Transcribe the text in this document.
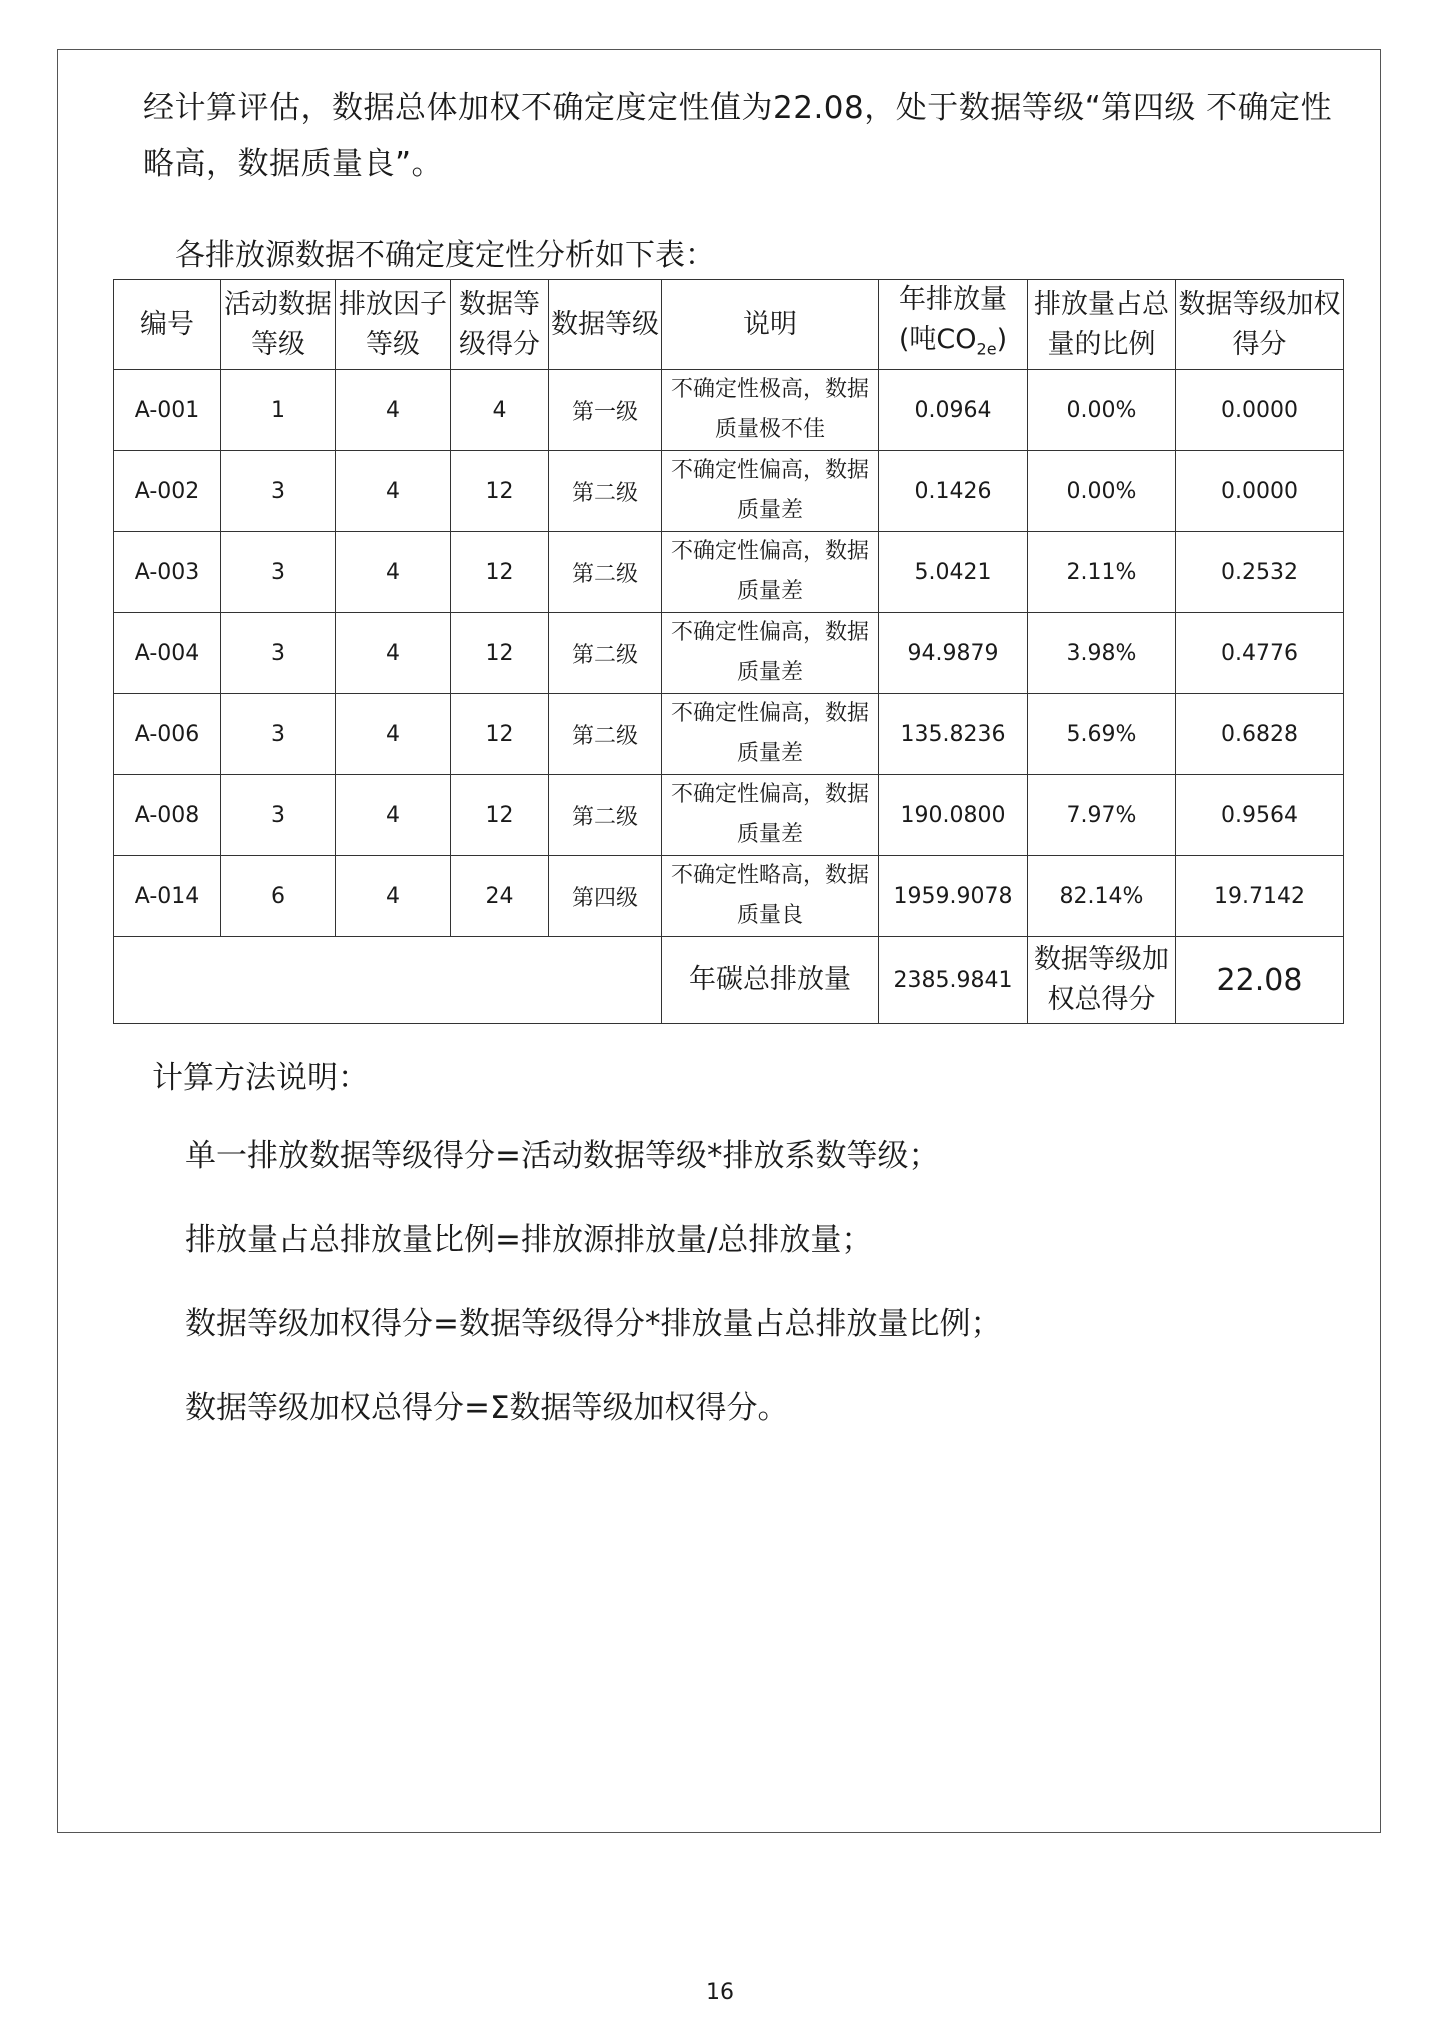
经计算评估，数据总体加权不确定度定性值为22.08，处于数据等级“第四级 不确定性略高，数据质量良”。
各排放源数据不确定度定性分析如下表：
编号	活动数据等级	排放因子等级	数据等级得分	数据等级	说明	年排放量(吨$CO_{2e}$)	排放量占总量的比例	数据等级加权得分
A-001	1	4	4	第一级	不确定性极高，数据质量极不佳	0.0964	0.00%	0.0000
A-002	3	4	12	第二级	不确定性偏高，数据质量差	0.1426	0.00%	0.0000
A-003	3	4	12	第二级	不确定性偏高，数据质量差	5.0421	2.11%	0.2532
A-004	3	4	12	第二级	不确定性偏高，数据质量差	94.9879	3.98%	0.4776
A-006	3	4	12	第二级	不确定性偏高，数据质量差	135.8236	5.69%	0.6828
A-008	3	4	12	第二级	不确定性偏高，数据质量差	190.0800	7.97%	0.9564
A-014	6	4	24	第四级	不确定性略高，数据质量良	1959.9078	82.14%	19.7142
					年碳总排放量	2385.9841	数据等级加权总得分	22.08
计算方法说明：
单一排放数据等级得分=活动数据等级*排放系数等级；
排放量占总排放量比例=排放源排放量/总排放量；
数据等级加权得分=数据等级得分*排放量占总排放量比例；
数据等级加权总得分=Σ数据等级加权得分。
16
